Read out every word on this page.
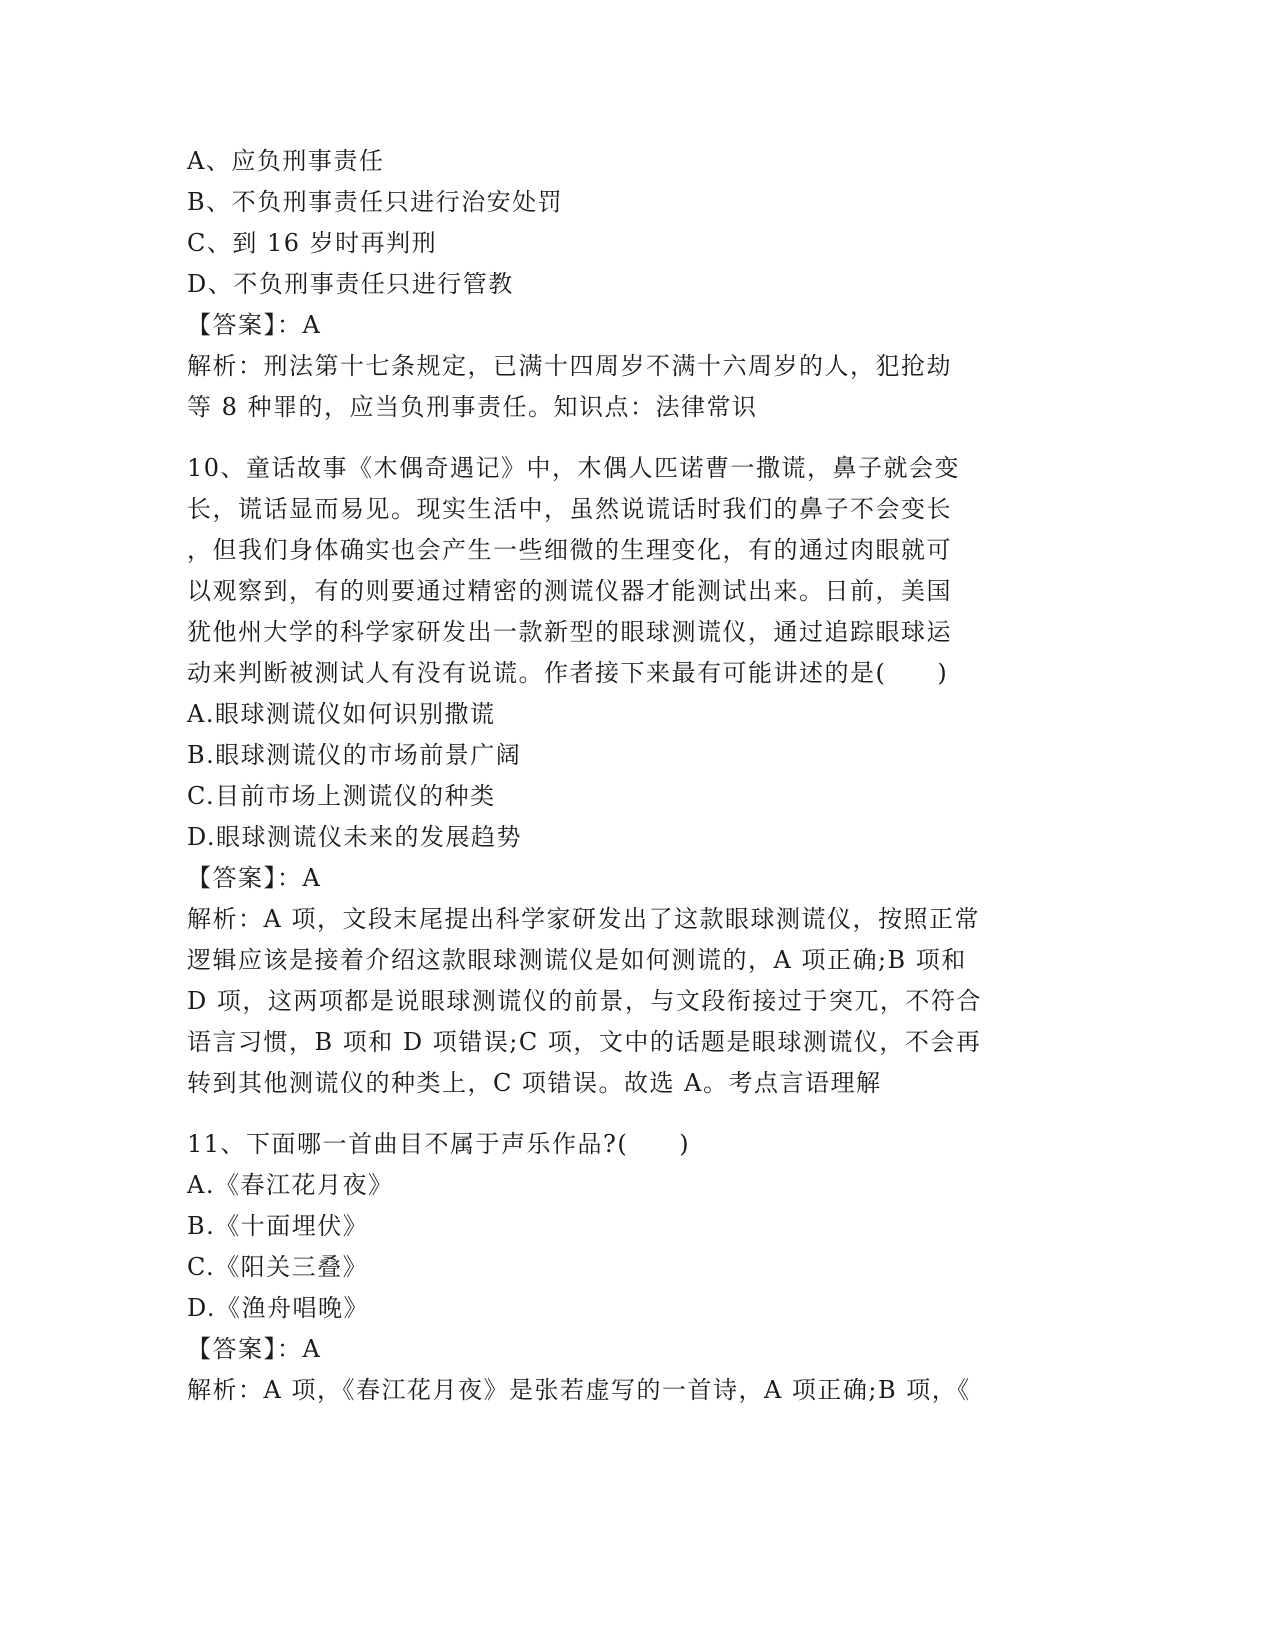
A、应负刑事责任
B、不负刑事责任只进行治安处罚
C、到 16 岁时再判刑
D、不负刑事责任只进行管教
【答案】：A
解析：刑法第十七条规定，已满十四周岁不满十六周岁的人，犯抢劫
等 8 种罪的，应当负刑事责任。知识点：法律常识
10、童话故事《木偶奇遇记》中，木偶人匹诺曹一撒谎，鼻子就会变
长，谎话显而易见。现实生活中，虽然说谎话时我们的鼻子不会变长
，但我们身体确实也会产生一些细微的生理变化，有的通过肉眼就可
以观察到，有的则要通过精密的测谎仪器才能测试出来。日前，美国
犹他州大学的科学家研发出一款新型的眼球测谎仪，通过追踪眼球运
动来判断被测试人有没有说谎。作者接下来最有可能讲述的是(　　)
A.眼球测谎仪如何识别撒谎
B.眼球测谎仪的市场前景广阔
C.目前市场上测谎仪的种类
D.眼球测谎仪未来的发展趋势
【答案】：A
解析：A 项，文段末尾提出科学家研发出了这款眼球测谎仪，按照正常
逻辑应该是接着介绍这款眼球测谎仪是如何测谎的，A 项正确;B 项和
D 项，这两项都是说眼球测谎仪的前景，与文段衔接过于突兀，不符合
语言习惯，B 项和 D 项错误;C 项，文中的话题是眼球测谎仪，不会再
转到其他测谎仪的种类上，C 项错误。故选 A。考点言语理解
11、下面哪一首曲目不属于声乐作品?(　　)
A.《春江花月夜》
B.《十面埋伏》
C.《阳关三叠》
D.《渔舟唱晚》
【答案】：A
解析：A 项，《春江花月夜》是张若虚写的一首诗，A 项正确;B 项，《
